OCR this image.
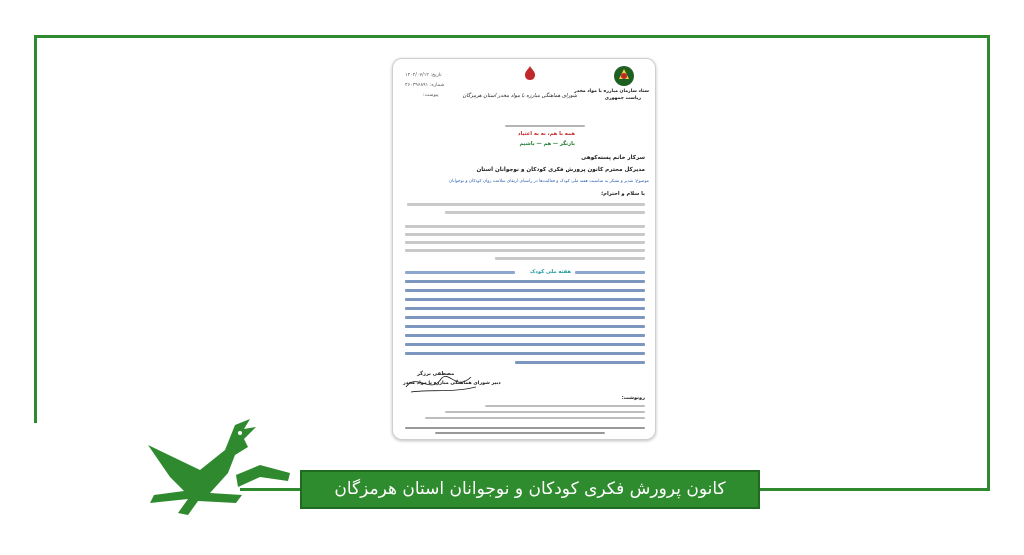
کانون پرورش فکری کودکان و نوجوانان استان هرمزگان
ستاد سازمان مبارزه با مواد مخدر
ریاست جمهوری
شورای هماهنگی مبارزه با مواد مخدر استان هرمزگان
تاریخ: ۱۴۰۲/۰۷/۱۲
شماره: ۴۶۰۳۹۶۸۹۱
پیوست:
همه با هم، نه به اعتیاد
بازنگر — هم — باشیم
سرکار خانم پسته‌کوهی
مدیرکل محترم کانون پرورش فکری کودکان و نوجوانان استان
موضوع: تقدیر و تشکر به مناسبت هفته ملی کودک و فعالیت‌ها در راستای ارتقای سلامت روان کودکان و نوجوانان
با سلام و احترام؛
هفته ملی کودک
مصطفی برزگر
دبیر شورای هماهنگی مبارزه با مواد مخدر
رونوشت:
